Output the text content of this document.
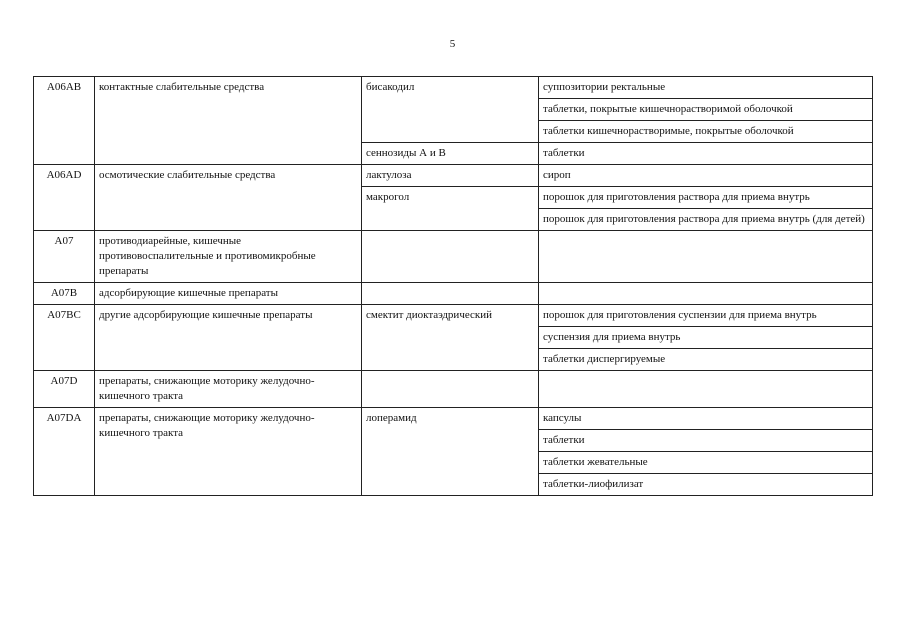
5
A06AB	контактные слабительные средства	бисакодил	суппозитории ректальные
			таблетки, покрытые кишечнорастворимой оболочкой
			таблетки кишечнорастворимые, покрытые оболочкой
		сеннозиды А и В	таблетки
A06AD	осмотические слабительные средства	лактулоза	сироп
		макрогол	порошок для приготовления раствора для приема внутрь
			порошок для приготовления раствора для приема внутрь (для детей)
A07	противодиарейные, кишечные противовоспалительные и противомикробные препараты		
A07B	адсорбирующие кишечные препараты		
A07BC	другие адсорбирующие кишечные препараты	смектит диоктаэдрический	порошок для приготовления суспензии для приема внутрь
			суспензия для приема внутрь
			таблетки диспергируемые
A07D	препараты, снижающие моторику желудочно-кишечного тракта		
A07DA	препараты, снижающие моторику желудочно-кишечного тракта	лоперамид	капсулы
			таблетки
			таблетки жевательные
			таблетки-лиофилизат
